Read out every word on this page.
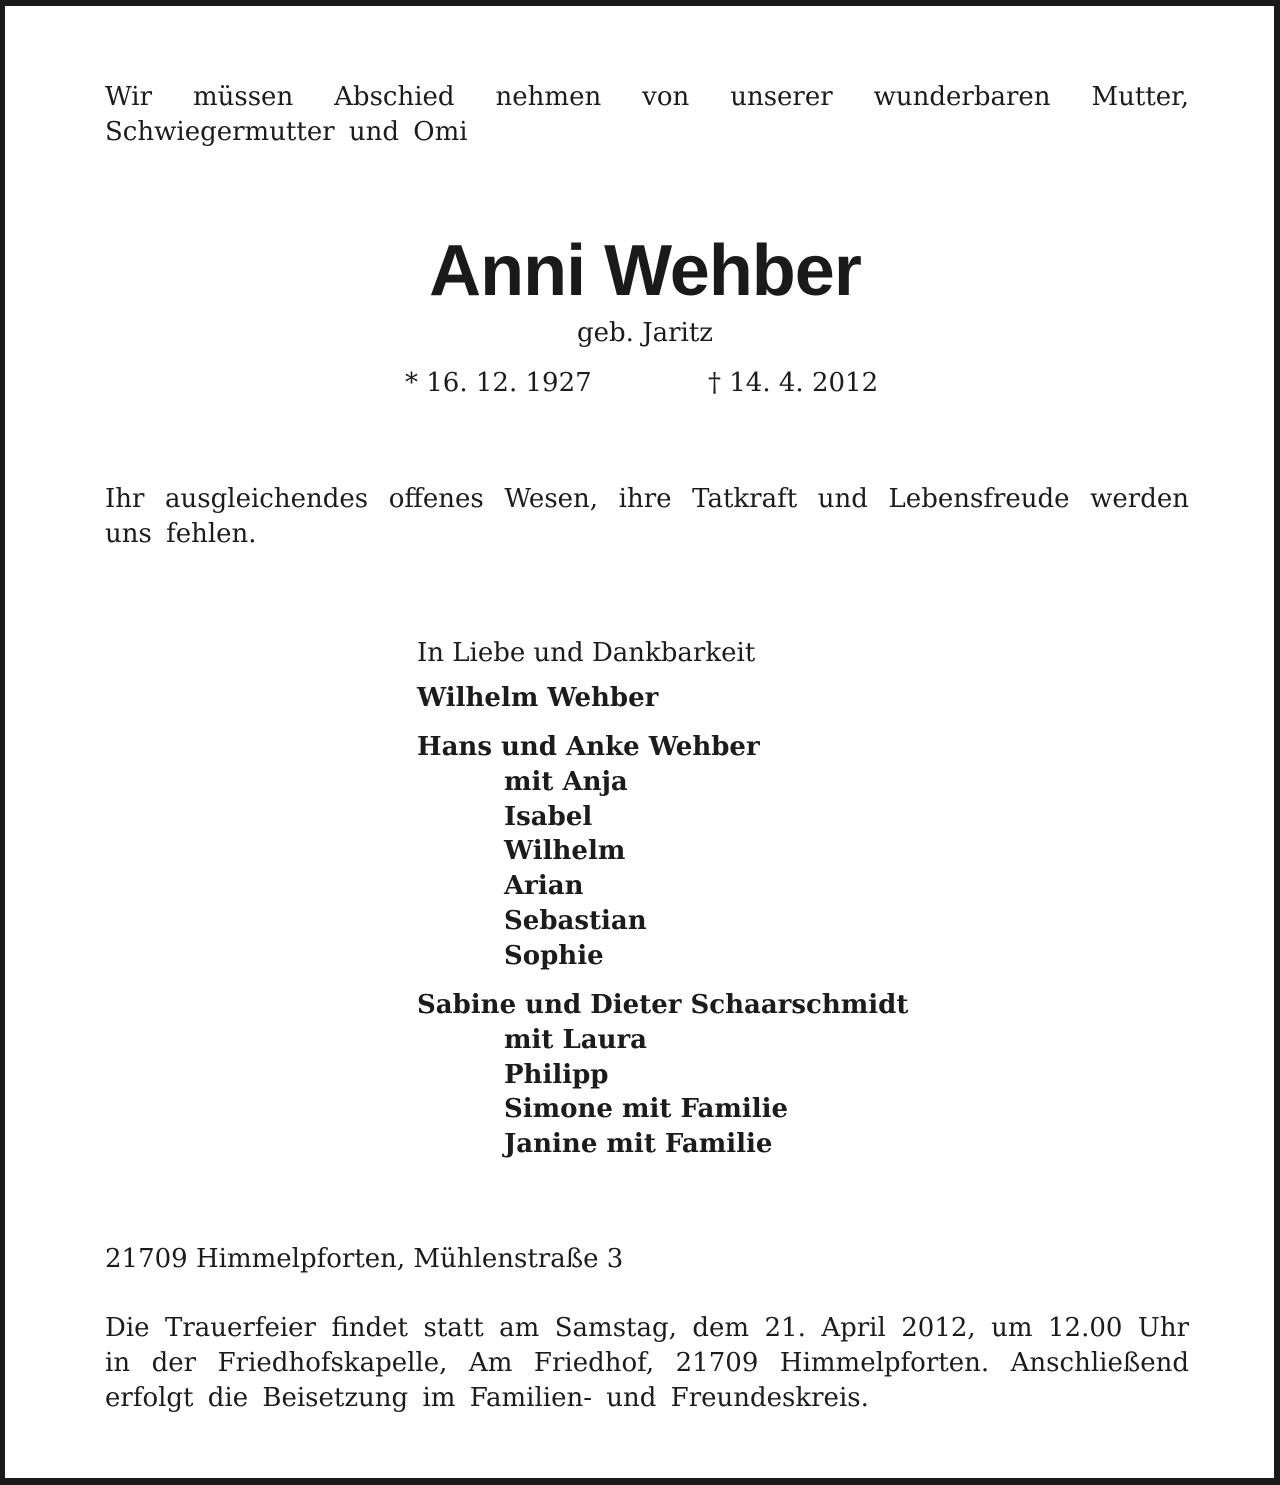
Wir müssen Abschied nehmen von unserer wunderbaren Mutter, Schwiegermutter und Omi
Anni Wehber
geb. Jaritz
* 16. 12. 1927	† 14. 4. 2012
Ihr ausgleichendes offenes Wesen, ihre Tatkraft und Lebensfreude werden uns fehlen.
In Liebe und Dankbarkeit
Wilhelm Wehber
Hans und Anke Wehber
mit Anja
Isabel
Wilhelm
Arian
Sebastian
Sophie
Sabine und Dieter Schaarschmidt
mit Laura
Philipp
Simone mit Familie
Janine mit Familie
21709 Himmelpforten, Mühlenstraße 3
Die Trauerfeier findet statt am Samstag, dem 21. April 2012, um 12.00 Uhr in der Friedhofskapelle, Am Friedhof, 21709 Himmelpforten. Anschließend erfolgt die Beisetzung im Familien- und Freundeskreis.
